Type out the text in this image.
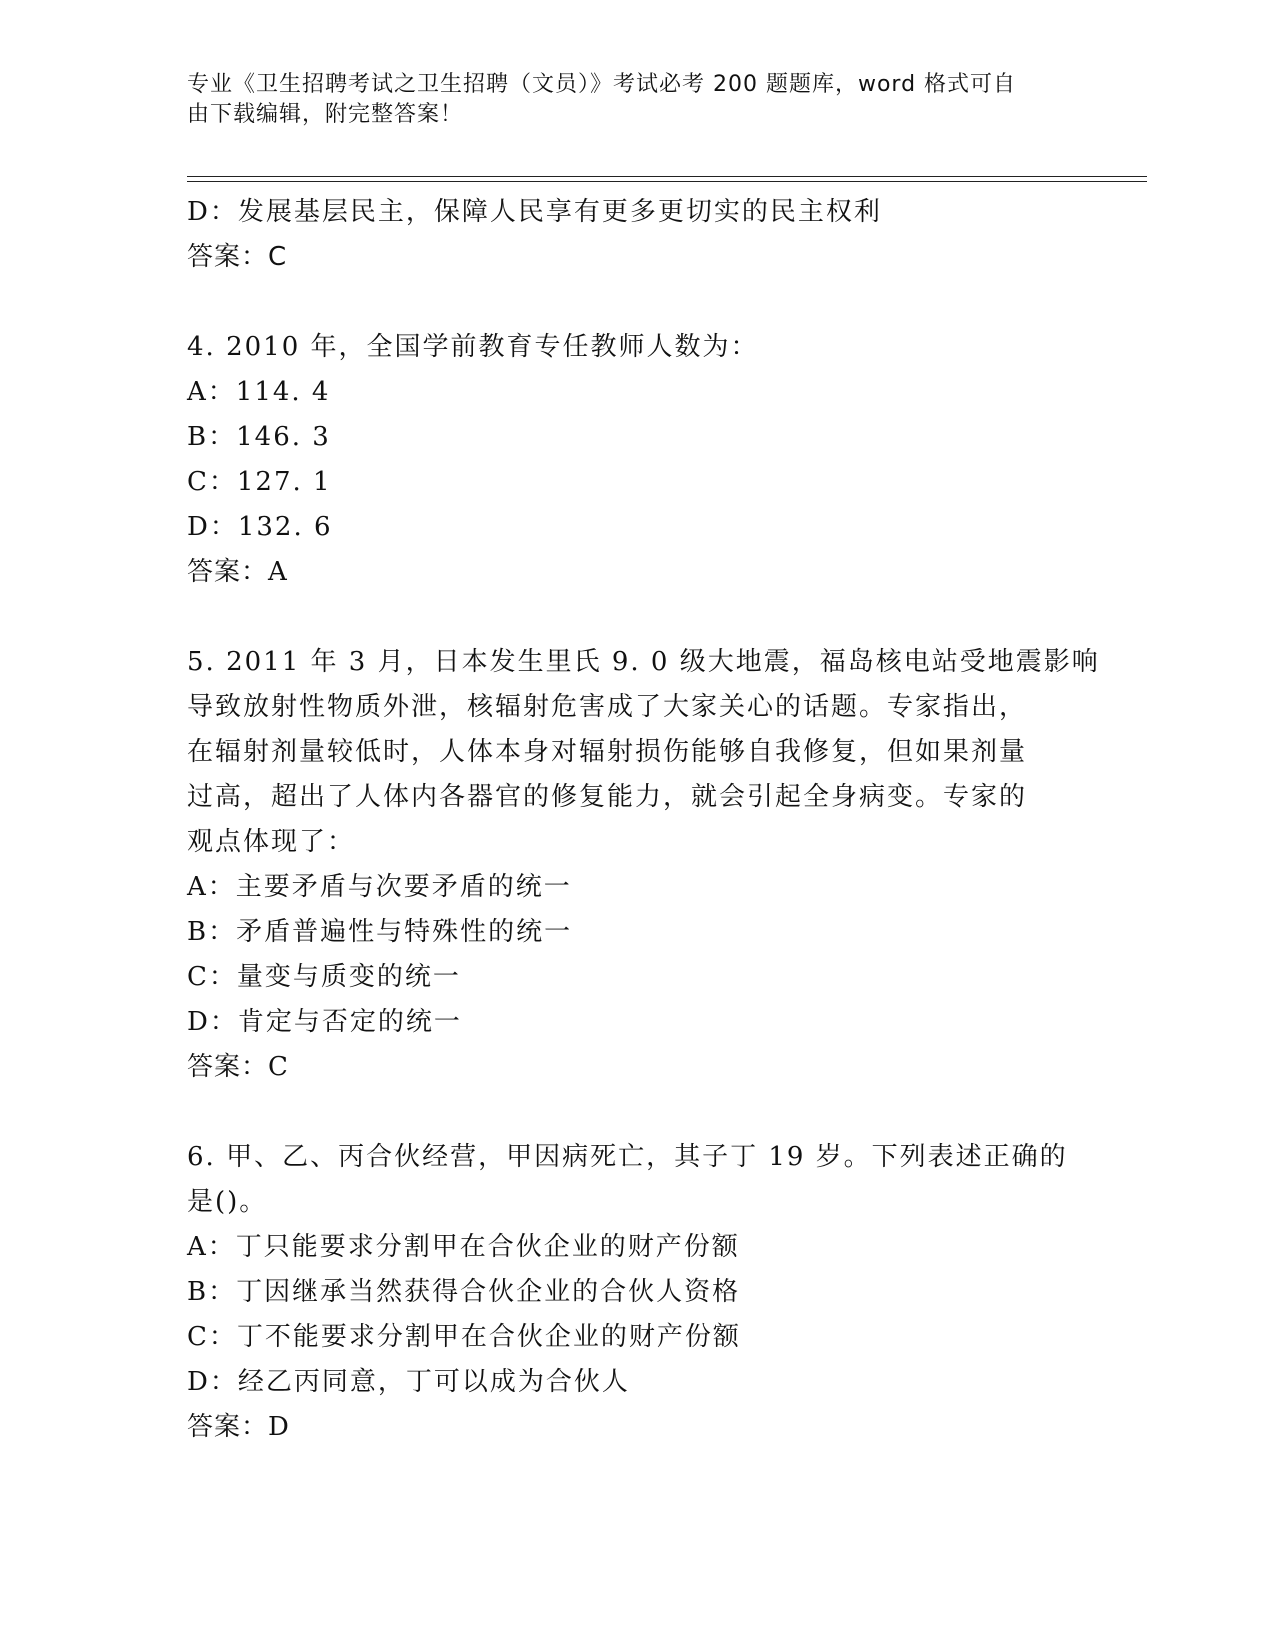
专业《卫生招聘考试之卫生招聘（文员）》考试必考 200 题题库，word 格式可自
由下载编辑，附完整答案！
D：发展基层民主，保障人民享有更多更切实的民主权利
答案：C
4. 2010 年，全国学前教育专任教师人数为：
A：114. 4
B：146. 3
C：127. 1
D：132. 6
答案：A
5. 2011 年 3 月，日本发生里氏 9. 0 级大地震，福岛核电站受地震影响
导致放射性物质外泄，核辐射危害成了大家关心的话题。专家指出，
在辐射剂量较低时，人体本身对辐射损伤能够自我修复，但如果剂量
过高，超出了人体内各器官的修复能力，就会引起全身病变。专家的
观点体现了：
A：主要矛盾与次要矛盾的统一
B：矛盾普遍性与特殊性的统一
C：量变与质变的统一
D：肯定与否定的统一
答案：C
6. 甲、乙、丙合伙经营，甲因病死亡，其子丁 19 岁。下列表述正确的
是()。
A：丁只能要求分割甲在合伙企业的财产份额
B：丁因继承当然获得合伙企业的合伙人资格
C：丁不能要求分割甲在合伙企业的财产份额
D：经乙丙同意，丁可以成为合伙人
答案：D
